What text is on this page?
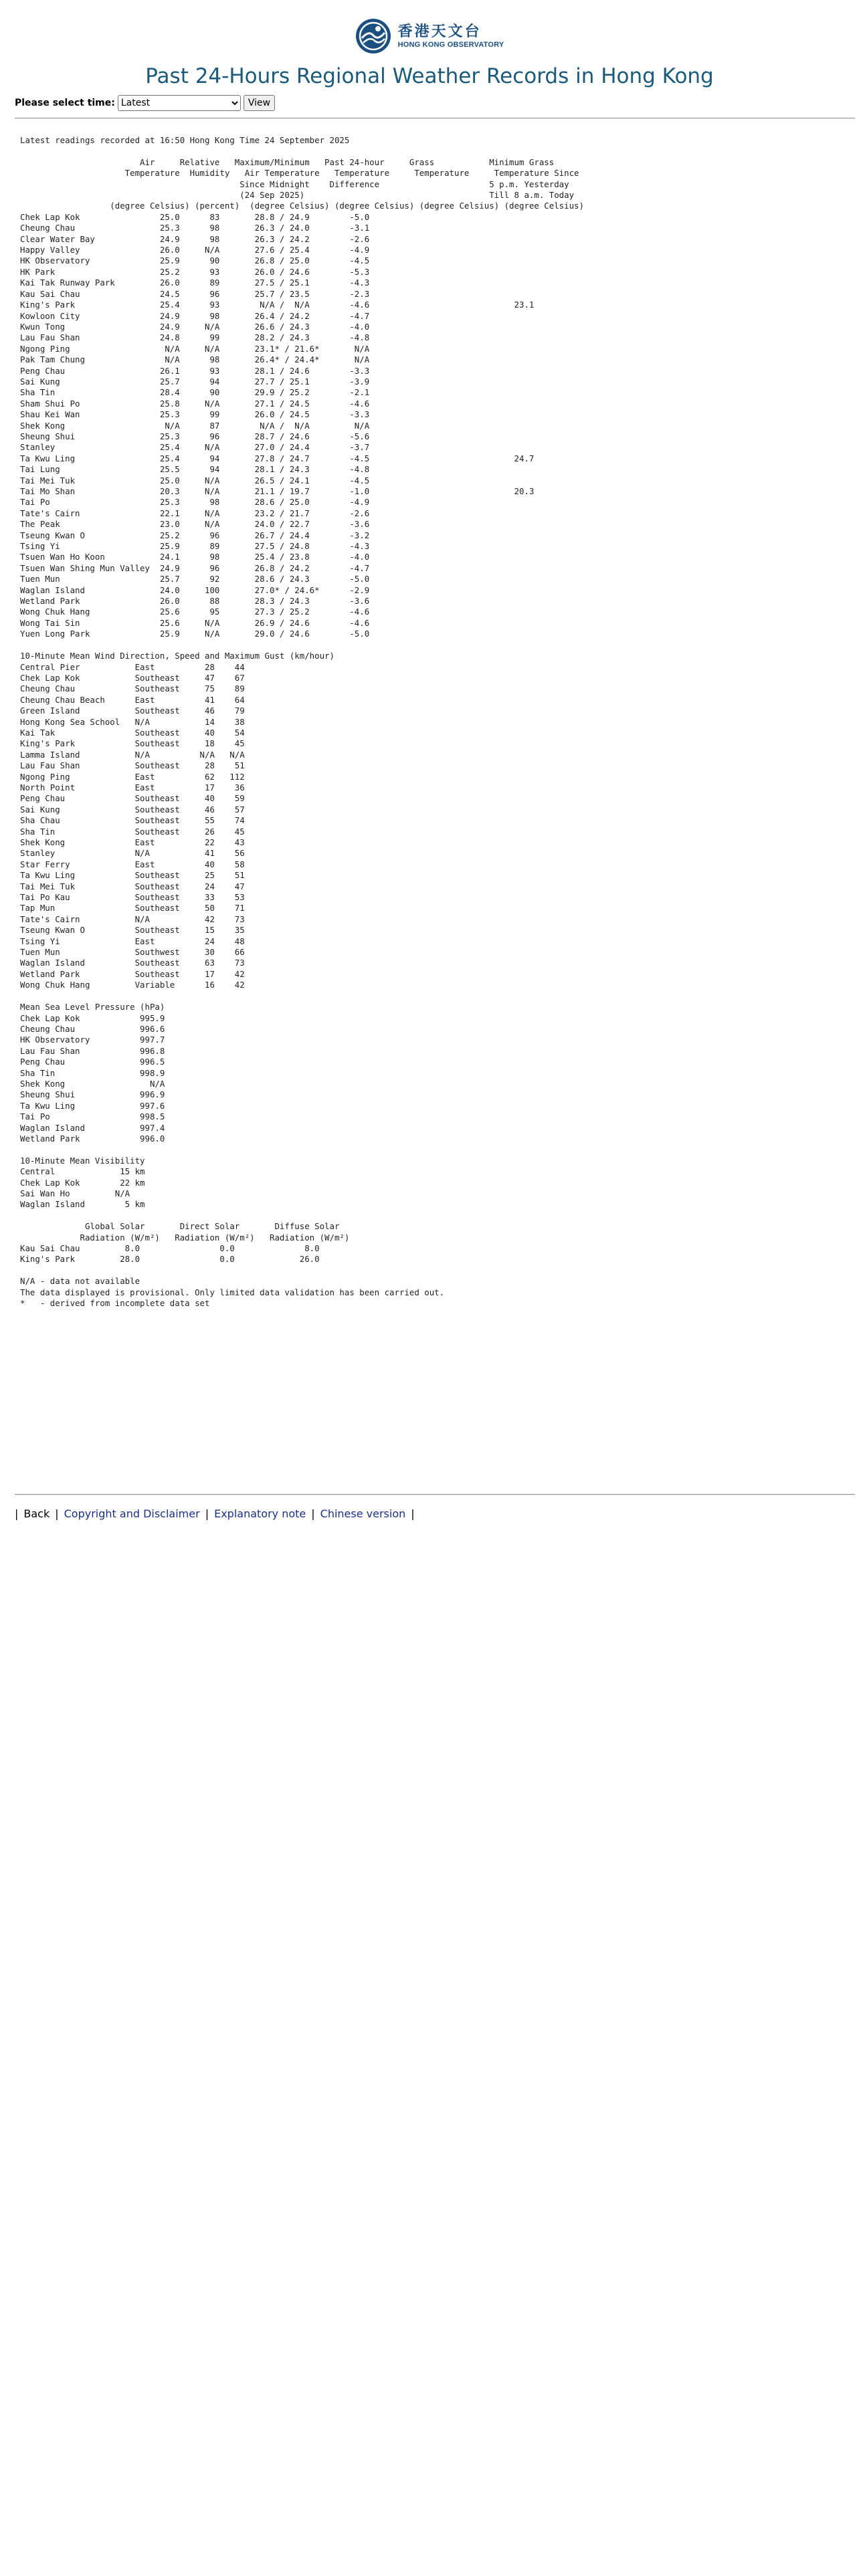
香港天文台
HONG KONG OBSERVATORY
Past 24-Hours Regional Weather Records in Hong Kong
Please select time:
Latest	View
Latest readings recorded at 16:50 Hong Kong Time 24 September 2025

Air     Relative   Maximum/Minimum   Past 24-hour     Grass           Minimum Grass
Temperature  Humidity   Air Temperature   Temperature     Temperature     Temperature Since
Since Midnight    Difference                      5 p.m. Yesterday
(24 Sep 2025)                                     Till 8 a.m. Today
(degree Celsius) (percent)  (degree Celsius) (degree Celsius) (degree Celsius) (degree Celsius)
Chek Lap Kok                25.0      83       28.8 / 24.9        -5.0
Cheung Chau                 25.3      98       26.3 / 24.0        -3.1
Clear Water Bay             24.9      98       26.3 / 24.2        -2.6
Happy Valley                26.0     N/A       27.6 / 25.4        -4.9
HK Observatory              25.9      90       26.8 / 25.0        -4.5
HK Park                     25.2      93       26.0 / 24.6        -5.3
Kai Tak Runway Park         26.0      89       27.5 / 25.1        -4.3
Kau Sai Chau                24.5      96       25.7 / 23.5        -2.3
King's Park                 25.4      93        N/A /  N/A        -4.6                             23.1
Kowloon City                24.9      98       26.4 / 24.2        -4.7
Kwun Tong                   24.9     N/A       26.6 / 24.3        -4.0
Lau Fau Shan                24.8      99       28.2 / 24.3        -4.8
Ngong Ping                   N/A     N/A       23.1* / 21.6*       N/A
Pak Tam Chung                N/A      98       26.4* / 24.4*       N/A
Peng Chau                   26.1      93       28.1 / 24.6        -3.3
Sai Kung                    25.7      94       27.7 / 25.1        -3.9
Sha Tin                     28.4      90       29.9 / 25.2        -2.1
Sham Shui Po                25.8     N/A       27.1 / 24.5        -4.6
Shau Kei Wan                25.3      99       26.0 / 24.5        -3.3
Shek Kong                    N/A      87        N/A /  N/A         N/A
Sheung Shui                 25.3      96       28.7 / 24.6        -5.6
Stanley                     25.4     N/A       27.0 / 24.4        -3.7
Ta Kwu Ling                 25.4      94       27.8 / 24.7        -4.5                             24.7
Tai Lung                    25.5      94       28.1 / 24.3        -4.8
Tai Mei Tuk                 25.0     N/A       26.5 / 24.1        -4.5
Tai Mo Shan                 20.3     N/A       21.1 / 19.7        -1.0                             20.3
Tai Po                      25.3      98       28.6 / 25.0        -4.9
Tate's Cairn                22.1     N/A       23.2 / 21.7        -2.6
The Peak                    23.0     N/A       24.0 / 22.7        -3.6
Tseung Kwan O               25.2      96       26.7 / 24.4        -3.2
Tsing Yi                    25.9      89       27.5 / 24.8        -4.3
Tsuen Wan Ho Koon           24.1      98       25.4 / 23.8        -4.0
Tsuen Wan Shing Mun Valley  24.9      96       26.8 / 24.2        -4.7
Tuen Mun                    25.7      92       28.6 / 24.3        -5.0
Waglan Island               24.0     100       27.0* / 24.6*      -2.9
Wetland Park                26.0      88       28.3 / 24.3        -3.6
Wong Chuk Hang              25.6      95       27.3 / 25.2        -4.6
Wong Tai Sin                25.6     N/A       26.9 / 24.6        -4.6
Yuen Long Park              25.9     N/A       29.0 / 24.6        -5.0

10-Minute Mean Wind Direction, Speed and Maximum Gust (km/hour)
Central Pier           East          28    44
Chek Lap Kok           Southeast     47    67
Cheung Chau            Southeast     75    89
Cheung Chau Beach      East          41    64
Green Island           Southeast     46    79
Hong Kong Sea School   N/A           14    38
Kai Tak                Southeast     40    54
King's Park            Southeast     18    45
Lamma Island           N/A          N/A   N/A
Lau Fau Shan           Southeast     28    51
Ngong Ping             East          62   112
North Point            East          17    36
Peng Chau              Southeast     40    59
Sai Kung               Southeast     46    57
Sha Chau               Southeast     55    74
Sha Tin                Southeast     26    45
Shek Kong              East          22    43
Stanley                N/A           41    56
Star Ferry             East          40    58
Ta Kwu Ling            Southeast     25    51
Tai Mei Tuk            Southeast     24    47
Tai Po Kau             Southeast     33    53
Tap Mun                Southeast     50    71
Tate's Cairn           N/A           42    73
Tseung Kwan O          Southeast     15    35
Tsing Yi               East          24    48
Tuen Mun               Southwest     30    66
Waglan Island          Southeast     63    73
Wetland Park           Southeast     17    42
Wong Chuk Hang         Variable      16    42

Mean Sea Level Pressure (hPa)
Chek Lap Kok            995.9
Cheung Chau             996.6
HK Observatory          997.7
Lau Fau Shan            996.8
Peng Chau               996.5
Sha Tin                 998.9
Shek Kong                 N/A
Sheung Shui             996.9
Ta Kwu Ling             997.6
Tai Po                  998.5
Waglan Island           997.4
Wetland Park            996.0

10-Minute Mean Visibility
Central             15 km
Chek Lap Kok        22 km
Sai Wan Ho         N/A
Waglan Island        5 km

Global Solar       Direct Solar       Diffuse Solar
Radiation (W/m²)   Radiation (W/m²)   Radiation (W/m²)
Kau Sai Chau         8.0                0.0              8.0
King's Park         28.0                0.0             26.0

N/A - data not available
The data displayed is provisional. Only limited data validation has been carried out.
*   - derived from incomplete data set
| Back | Copyright and Disclaimer | Explanatory note | Chinese version |
